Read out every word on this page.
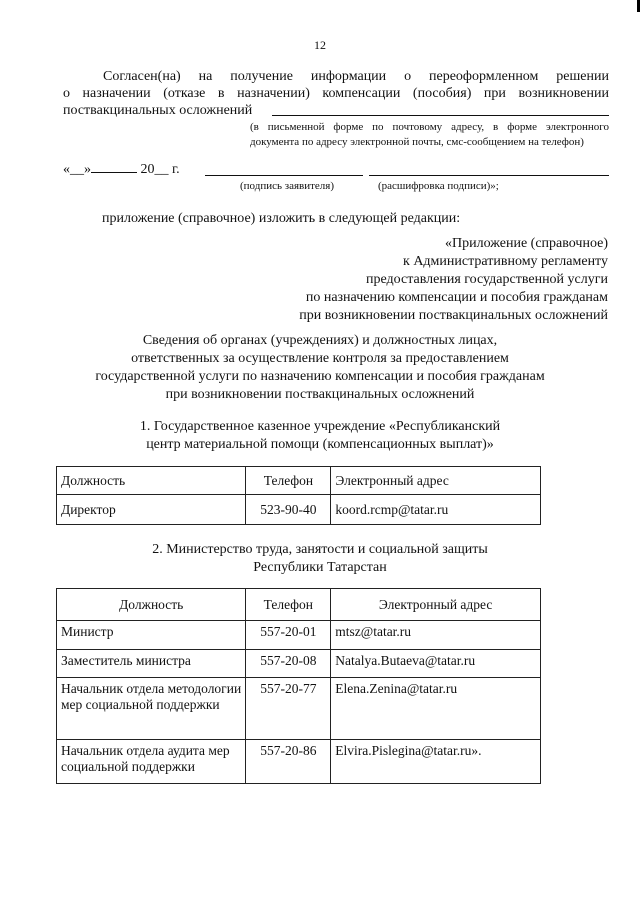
12
Согласен(на) на получение информации о переоформленном решении
о назначении (отказе в назначении) компенсации (пособия) при возникновении
поствакцинальных осложнений
(в письменной форме по почтовому адресу, в форме электронного документа по адресу электронной почты, смс-сообщением на телефон)
«__»	20__ г.
(подпись заявителя)	(расшифровка подписи)»;
приложение (справочное) изложить в следующей редакции:
«Приложение (справочное)
к Административному регламенту
предоставления государственной услуги
по назначению компенсации и пособия гражданам
при возникновении поствакцинальных осложнений
Сведения об органах (учреждениях) и должностных лицах,
ответственных за осуществление контроля за предоставлением
государственной услуги по назначению компенсации и пособия гражданам
при возникновении поствакцинальных осложнений
1. Государственное казенное учреждение «Республиканский
центр материальной помощи (компенсационных выплат)»
Должность	Телефон	Электронный адрес
Директор	523-90-40	koord.rcmp@tatar.ru
2. Министерство труда, занятости и социальной защиты
Республики Татарстан
Должность	Телефон	Электронный адрес
Министр	557-20-01	mtsz@tatar.ru
Заместитель министра	557-20-08	Natalya.Butaeva@tatar.ru
Начальник отдела методологии мер социальной поддержки	557-20-77	Elena.Zenina@tatar.ru
Начальник отдела аудита мер социальной поддержки	557-20-86	Elvira.Pislegina@tatar.ru».
